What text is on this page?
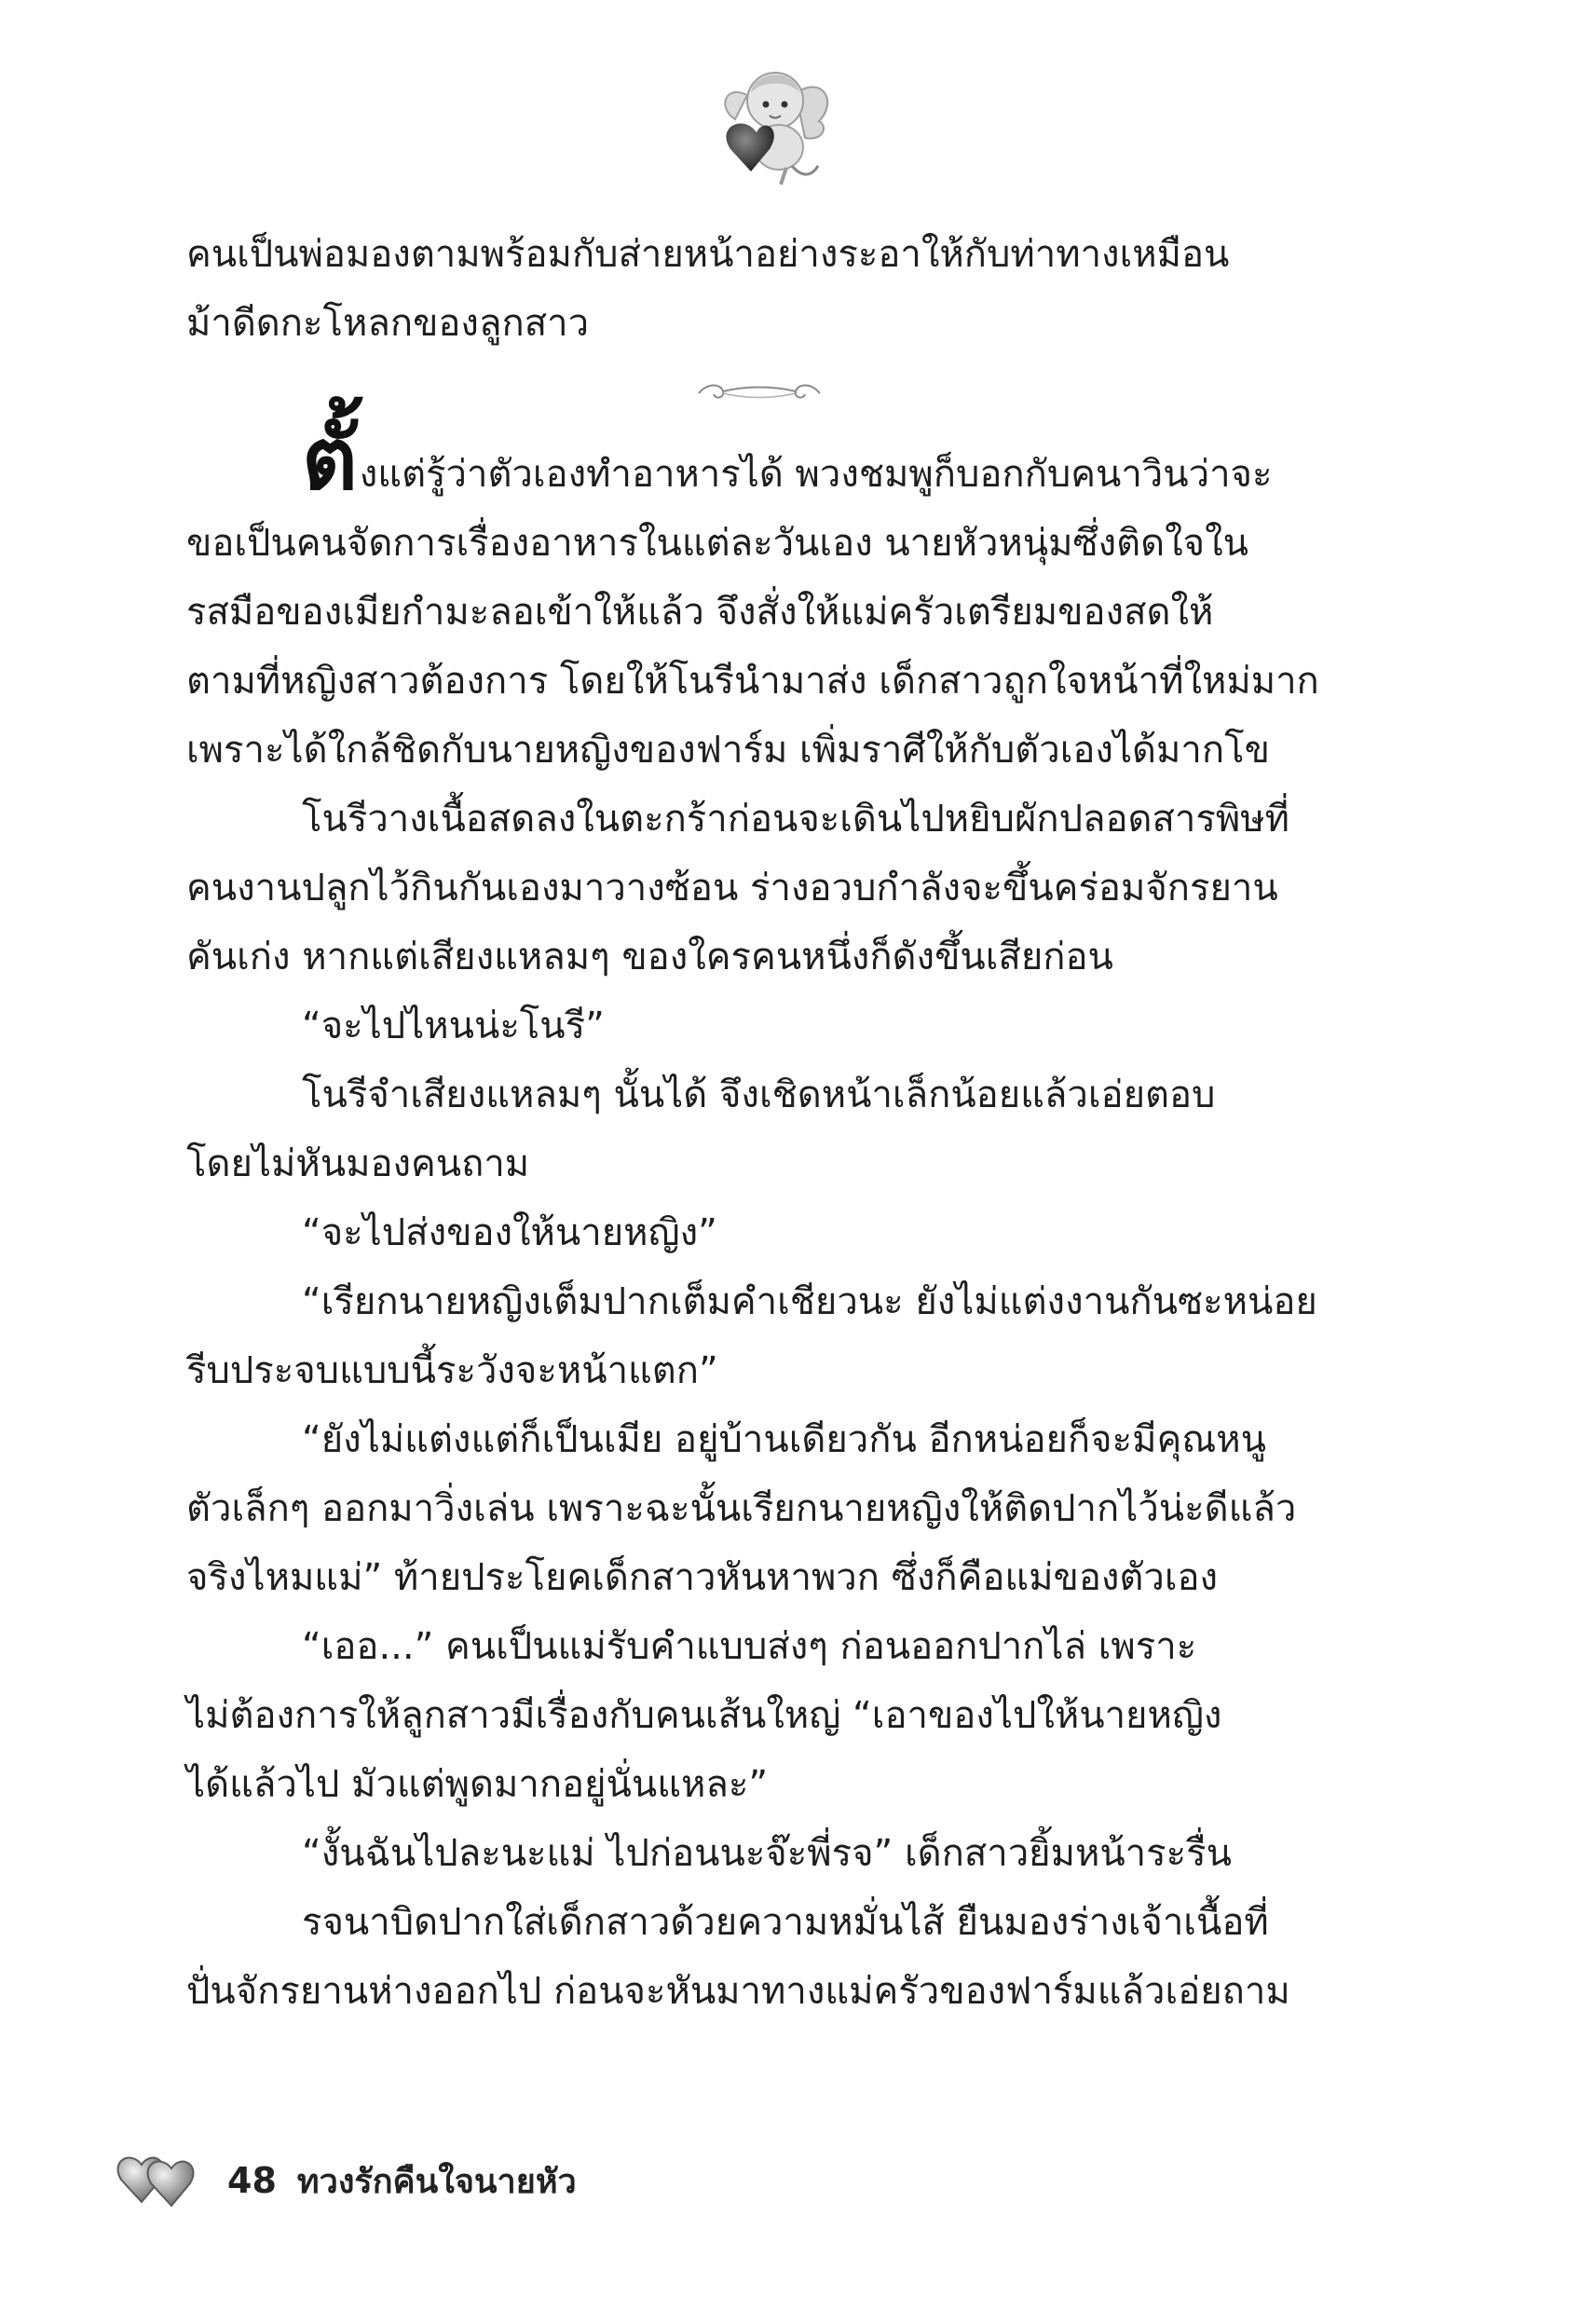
คนเป็นพ่อมองตามพร้อมกับส่ายหน้าอย่างระอาให้กับท่าทางเหมือน

ม้าดีดกะโหลกของลูกสาว

ตั้งแต่รู้ว่าตัวเองทำอาหารได้ พวงชมพูก็บอกกับคนาวินว่าจะ

ขอเป็นคนจัดการเรื่องอาหารในแต่ละวันเอง นายหัวหนุ่มซึ่งติดใจใน

รสมือของเมียกำมะลอเข้าให้แล้ว จึงสั่งให้แม่ครัวเตรียมของสดให้

ตามที่หญิงสาวต้องการ โดยให้โนรีนำมาส่ง เด็กสาวถูกใจหน้าที่ใหม่มาก

เพราะได้ใกล้ชิดกับนายหญิงของฟาร์ม เพิ่มราศีให้กับตัวเองได้มากโข

โนรีวางเนื้อสดลงในตะกร้าก่อนจะเดินไปหยิบผักปลอดสารพิษที่

คนงานปลูกไว้กินกันเองมาวางซ้อน ร่างอวบกำลังจะขึ้นคร่อมจักรยาน

คันเก่ง หากแต่เสียงแหลมๆ ของใครคนหนึ่งก็ดังขึ้นเสียก่อน

“จะไปไหนน่ะโนรี”

โนรีจำเสียงแหลมๆ นั้นได้ จึงเชิดหน้าเล็กน้อยแล้วเอ่ยตอบ

โดยไม่หันมองคนถาม

“จะไปส่งของให้นายหญิง”

“เรียกนายหญิงเต็มปากเต็มคำเชียวนะ ยังไม่แต่งงานกันซะหน่อย

รีบประจบแบบนี้ระวังจะหน้าแตก”

“ยังไม่แต่งแต่ก็เป็นเมีย อยู่บ้านเดียวกัน อีกหน่อยก็จะมีคุณหนู

ตัวเล็กๆ ออกมาวิ่งเล่น เพราะฉะนั้นเรียกนายหญิงให้ติดปากไว้น่ะดีแล้ว

จริงไหมแม่” ท้ายประโยคเด็กสาวหันหาพวก ซึ่งก็คือแม่ของตัวเอง

“เออ...” คนเป็นแม่รับคำแบบส่งๆ ก่อนออกปากไล่ เพราะ

ไม่ต้องการให้ลูกสาวมีเรื่องกับคนเส้นใหญ่ “เอาของไปให้นายหญิง

ได้แล้วไป มัวแต่พูดมากอยู่นั่นแหละ”

“งั้นฉันไปละนะแม่ ไปก่อนนะจ๊ะพี่รจ” เด็กสาวยิ้มหน้าระรื่น

รจนาบิดปากใส่เด็กสาวด้วยความหมั่นไส้ ยืนมองร่างเจ้าเนื้อที่

ปั่นจักรยานห่างออกไป ก่อนจะหันมาทางแม่ครัวของฟาร์มแล้วเอ่ยถาม

48 ทวงรักคืนใจนายหัว
